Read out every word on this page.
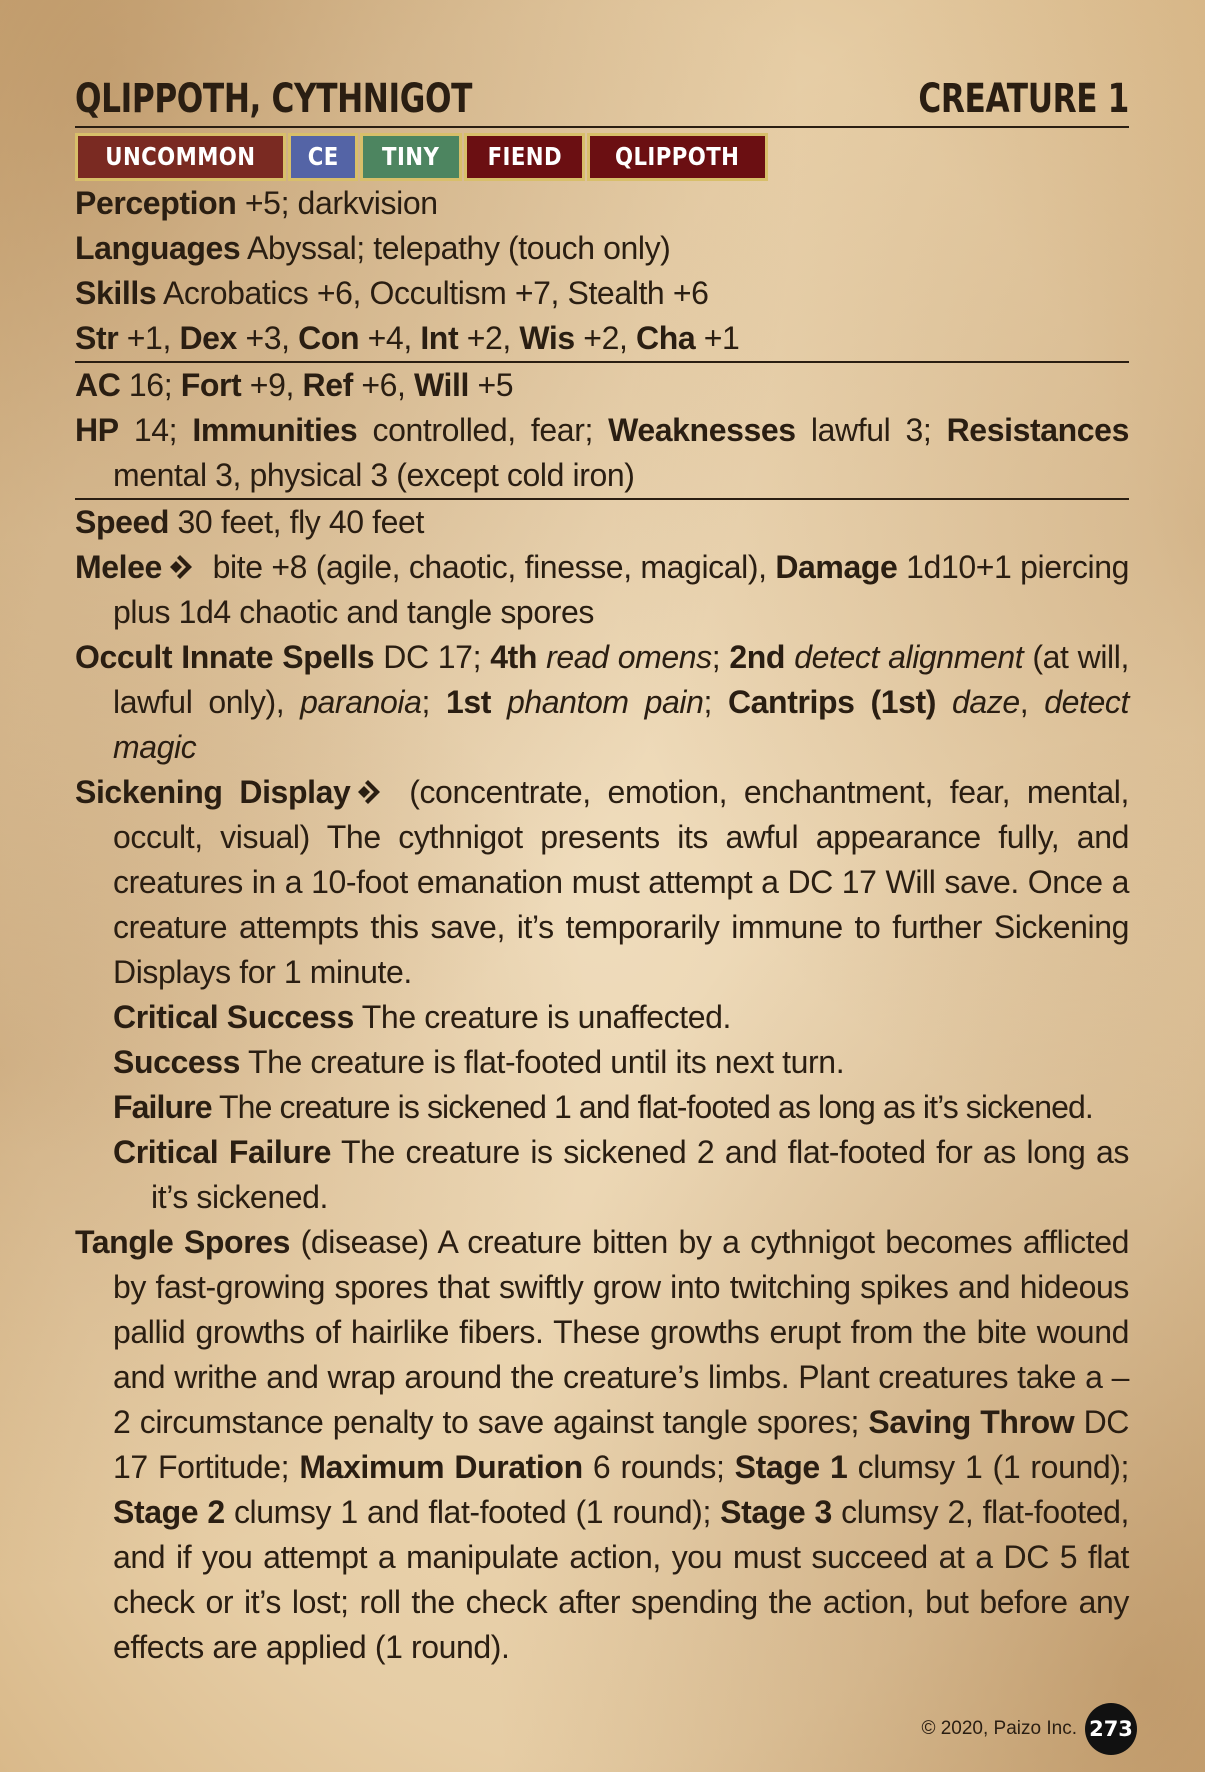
QLIPPOTH, CYTHNIGOT	CREATURE 1
UNCOMMON	CE	TINY	FIEND	QLIPPOTH
Perception +5; darkvision
Languages Abyssal; telepathy (touch only)
Skills Acrobatics +6, Occultism +7, Stealth +6
Str +1, Dex +3, Con +4, Int +2, Wis +2, Cha +1
AC 16; Fort +9, Ref +6, Will +5
HP 14; Immunities controlled, fear; Weaknesses lawful 3; Resistances mental 3, physical 3 (except cold iron)
Speed 30 feet, fly 40 feet
Melee bite +8 (agile, chaotic, finesse, magical), Damage 1d10+1 piercing plus 1d4 chaotic and tangle spores
Occult Innate Spells DC 17; 4th read omens; 2nd detect alignment (at will, lawful only), paranoia; 1st phantom pain; Cantrips (1st) daze, detect magic
Sickening Display (concentrate, emotion, enchantment, fear, mental, occult, visual) The cythnigot presents its awful appearance fully, and creatures in a 10-foot emanation must attempt a DC 17 Will save. Once a creature attempts this save, it’s temporarily immune to further Sickening Displays for 1 minute.
Critical Success The creature is unaffected.
Success The creature is flat-footed until its next turn.
Failure The creature is sickened 1 and flat-footed as long as it’s sickened.
Critical Failure The creature is sickened 2 and flat-footed for as long as it’s sickened.
Tangle Spores (disease) A creature bitten by a cythnigot becomes afflicted by fast-growing spores that swiftly grow into twitching spikes and hideous pallid growths of hairlike fibers. These growths erupt from the bite wound and writhe and wrap around the creature’s limbs. Plant creatures take a –2 circumstance penalty to save against tangle spores; Saving Throw DC 17 Fortitude; Maximum Duration 6 rounds; Stage 1 clumsy 1 (1 round); Stage 2 clumsy 1 and flat-footed (1 round); Stage 3 clumsy 2, flat-footed, and if you attempt a manipulate action, you must succeed at a DC 5 flat check or it’s lost; roll the check after spending the action, but before any effects are applied (1 round).
© 2020, Paizo Inc. 273
